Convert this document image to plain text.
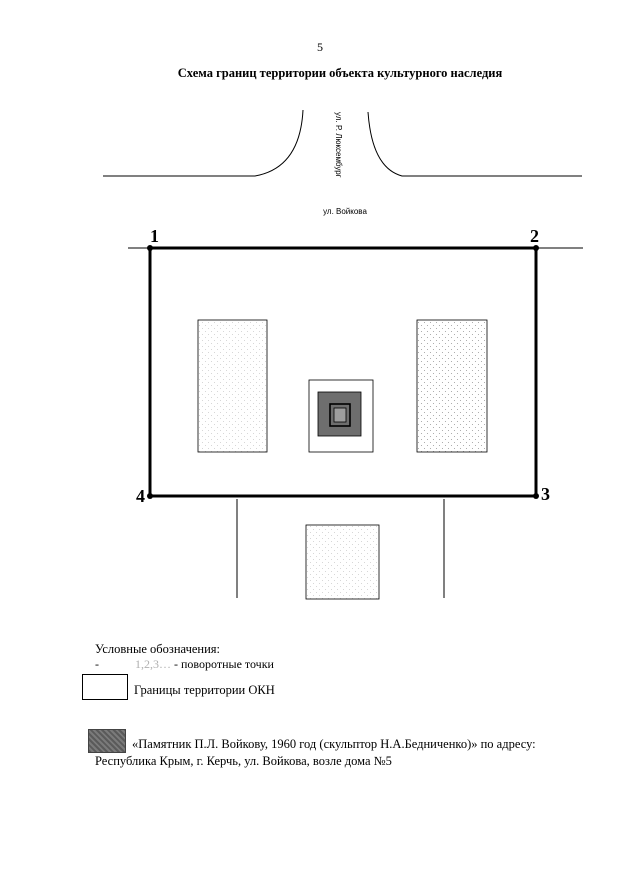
5
Схема границ территории объекта культурного наследия
ул. Р. Люксембург
1	2
3
4
ул. Войкова
Условные обозначения:
-            1,2,3… - поворотные точки
Границы территории ОКН
«Памятник П.Л. Войкову, 1960 год (скульптор Н.А.Бедниченко)» по адресу:
Республика Крым, г. Керчь, ул. Войкова, возле дома №5
